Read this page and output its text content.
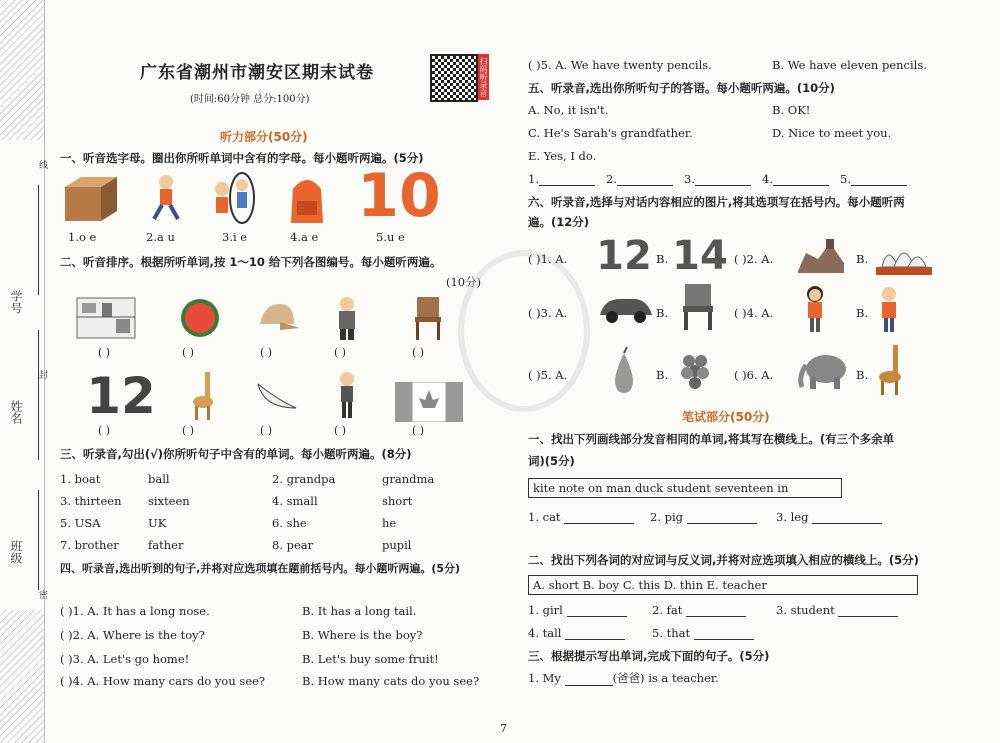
学号
姓名
班级
线
封
密
广东省潮州市潮安区期末试卷	扫码听录音
(时间:60分钟 总分:100分)
听力部分(50分)
一、听音选字母。圈出你所听单词中含有的字母。每小题听两遍。(5分)
10
1.o e	2.a u	3.i e	4.a e	5.u e
二、听音排序。根据所听单词,按 1～10 给下列各图编号。每小题听两遍。
(10分)
( )	( )	( )	( )	( )
12
( )	( )	( )	( )	( )
三、听录音,勾出(√)你所听句子中含有的单词。每小题听两遍。(8分)
1. boat	ball	2. grandpa	grandma
3. thirteen sixteen	4. small	short
5. USA	UK	6. she	he
7. brother	father	8. pear	pupil
四、听录音,选出听到的句子,并将对应选项填在题前括号内。每小题听两遍。(5分)
( )1. A. It has a long nose.	B. It has a long tail.
( )2. A. Where is the toy?	B. Where is the boy?
( )3. A. Let's go home!	B. Let's buy some fruit!
( )4. A. How many cars do you see?	B. How many cats do you see?
( )5. A. We have twenty pencils.	B. We have eleven pencils.
五、听录音,选出你所听句子的答语。每小题听两遍。(10分)
A. No, it isn't.	B. OK!
C. He's Sarah's grandfather.	D. Nice to meet you.
E. Yes, I do.
1.	2.	3.	4.	5.
六、听录音,选择与对话内容相应的图片,将其选项写在括号内。每小题听两
遍。(12分)
( )1. A. 12 B. 14 ( )2. A.	B.
( )3. A.	B.	( )4. A.	B.
( )5. A.	B.	( )6. A.	B.
笔试部分(50分)
一、找出下列画线部分发音相同的单词,将其写在横线上。(有三个多余单
词)(5分)
kite note on man duck student seventeen in
1. cat	2. pig	3. leg
二、找出下列各词的对应词与反义词,并将对应选项填入相应的横线上。(5分)
A. short B. boy C. this D. thin E. teacher
1. girl	2. fat	3. student
4. tall	5. that
三、根据提示写出单词,完成下面的句子。(5分)
1. My	(爸爸) is a teacher.
7
